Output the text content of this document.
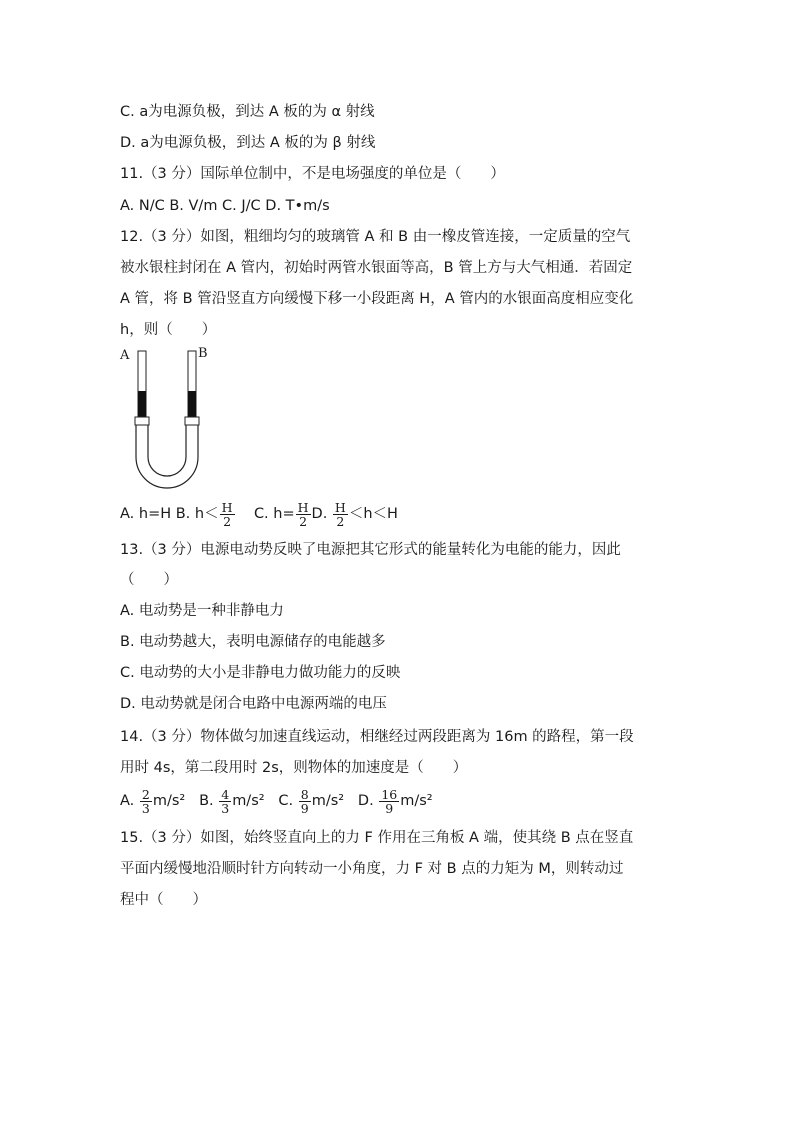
C. a为电源负极，到达 A 板的为 α 射线
D. a为电源负极，到达 A 板的为 β 射线
11.（3 分）国际单位制中，不是电场强度的单位是（　　）
A. N/C B. V/m C. J/C D. T•m/s
12.（3 分）如图，粗细均匀的玻璃管 A 和 B 由一橡皮管连接，一定质量的空气
被水银柱封闭在 A 管内，初始时两管水银面等高，B 管上方与大气相通．若固定
A 管，将 B 管沿竖直方向缓慢下移一小段距离 H，A 管内的水银面高度相应变化
h，则（　　）
A	B
A. h=H B. $h< \frac{H}{2} C$. $h= \frac{H}{2} D$. $\frac{H}{2} <h<H$
13.（3 分）电源电动势反映了电源把其它形式的能量转化为电能的能力，因此
（　　）
A. 电动势是一种非静电力
B. 电动势越大，表明电源储存的电能越多
C. 电动势的大小是非静电力做功能力的反映
D. 电动势就是闭合电路中电源两端的电压
14.（3 分）物体做匀加速直线运动，相继经过两段距离为 16m 的路程，第一段
用时 4s，第二段用时 2s，则物体的加速度是（　　）
A. $\frac{2}{3} m/s^2$ B. $\frac{4}{3} m/s^2$ C. $\frac{8}{9} m/s^2$ D. $\frac{16}{9} m/s^2$
15.（3 分）如图，始终竖直向上的力 F 作用在三角板 A 端，使其绕 B 点在竖直
平面内缓慢地沿顺时针方向转动一小角度，力 F 对 B 点的力矩为 M，则转动过
程中（　　）
